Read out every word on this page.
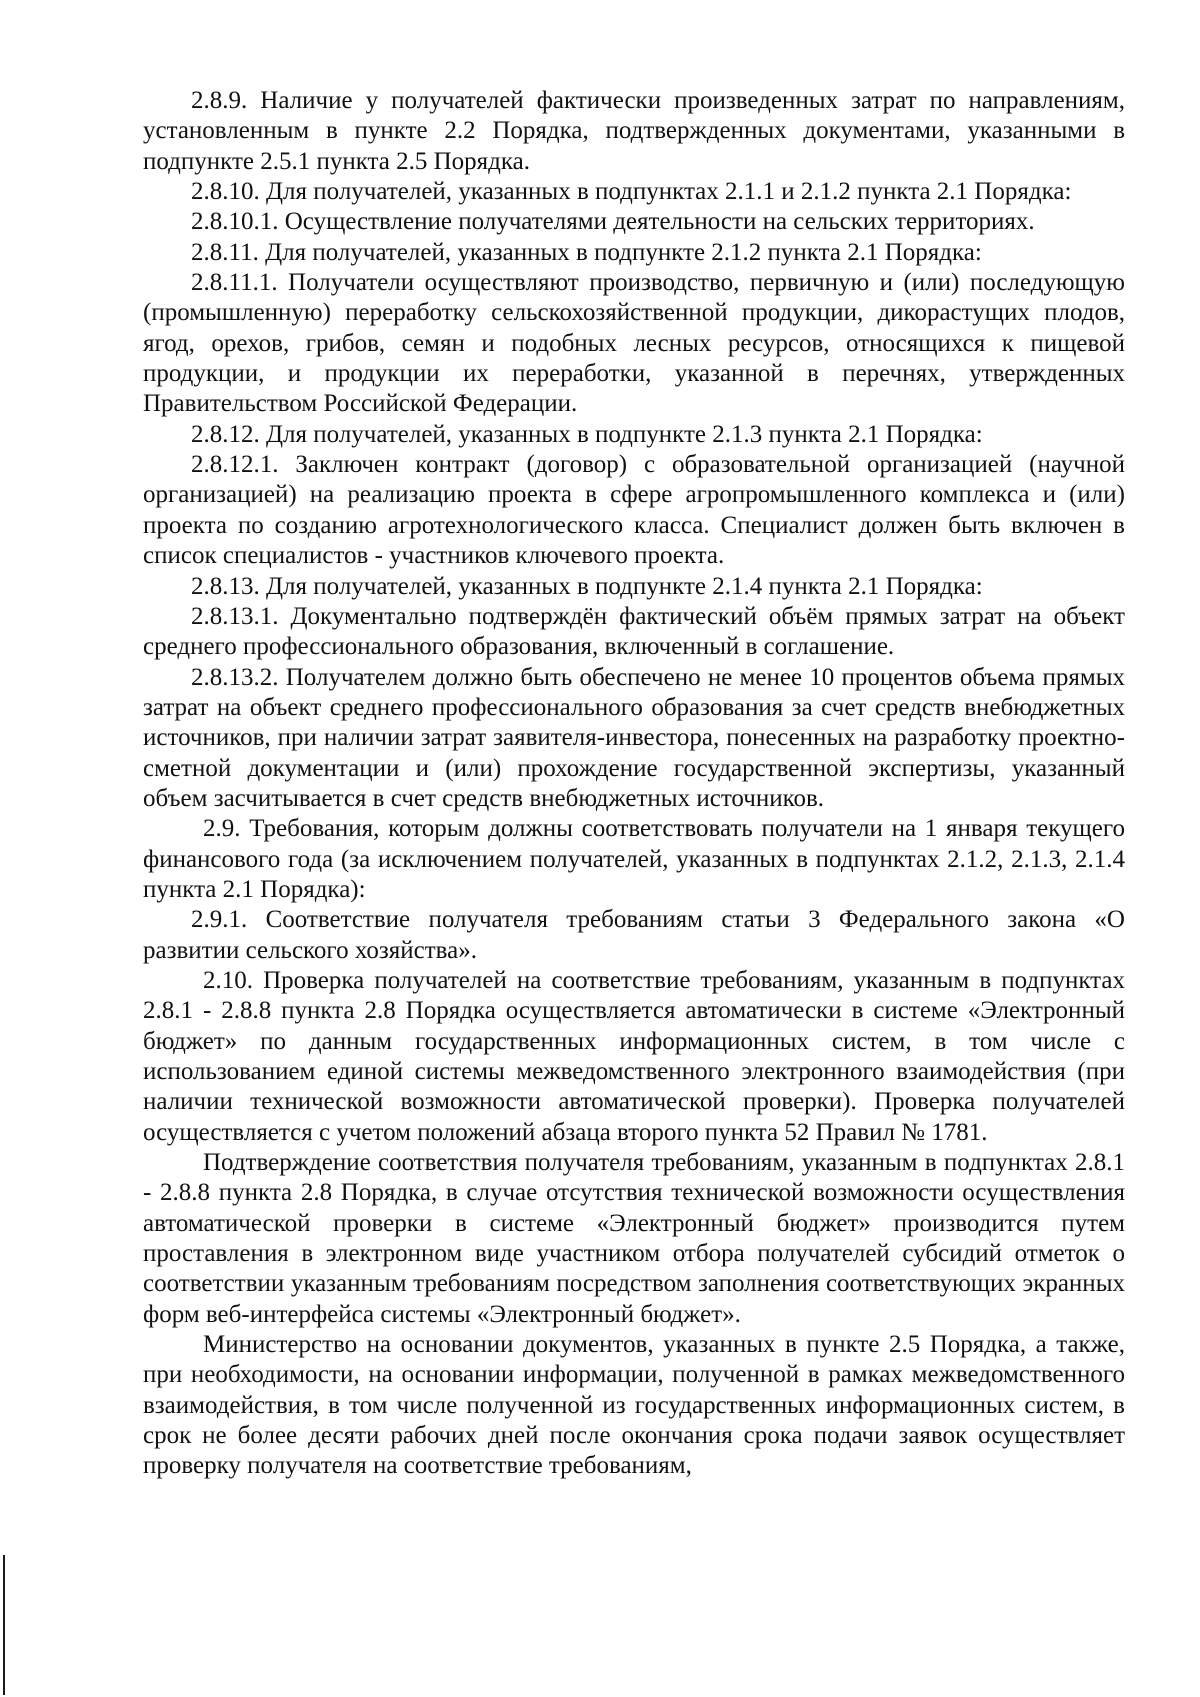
2.8.9. Наличие у получателей фактически произведенных затрат по направлениям, установленным в пункте 2.2 Порядка, подтвержденных документами, указанными в подпункте 2.5.1 пункта 2.5 Порядка.

2.8.10. Для получателей, указанных в подпунктах 2.1.1 и 2.1.2 пункта 2.1 Порядка:

2.8.10.1. Осуществление получателями деятельности на сельских территориях.

2.8.11. Для получателей, указанных в подпункте 2.1.2 пункта 2.1 Порядка:

2.8.11.1. Получатели осуществляют производство, первичную и (или) последующую (промышленную) переработку сельскохозяйственной продукции, дикорастущих плодов, ягод, орехов, грибов, семян и подобных лесных ресурсов, относящихся к пищевой продукции, и продукции их переработки, указанной в перечнях, утвержденных Правительством Российской Федерации.

2.8.12. Для получателей, указанных в подпункте 2.1.3 пункта 2.1 Порядка:

2.8.12.1. Заключен контракт (договор) с образовательной организацией (научной организацией) на реализацию проекта в сфере агропромышленного комплекса и (или) проекта по созданию агротехнологического класса. Специалист должен быть включен в список специалистов - участников ключевого проекта.

2.8.13. Для получателей, указанных в подпункте 2.1.4 пункта 2.1 Порядка:

2.8.13.1. Документально подтверждён фактический объём прямых затрат на объект среднего профессионального образования, включенный в соглашение.

2.8.13.2. Получателем должно быть обеспечено не менее 10 процентов объема прямых затрат на объект среднего профессионального образования за счет средств внебюджетных источников, при наличии затрат заявителя-инвестора, понесенных на разработку проектно-сметной документации и (или) прохождение государственной экспертизы, указанный объем засчитывается в счет средств внебюджетных источников.

2.9. Требования, которым должны соответствовать получатели на 1 января текущего финансового года (за исключением получателей, указанных в подпунктах 2.1.2, 2.1.3, 2.1.4 пункта 2.1 Порядка):

2.9.1. Соответствие получателя требованиям статьи 3 Федерального закона «О развитии сельского хозяйства».

2.10. Проверка получателей на соответствие требованиям, указанным в подпунктах 2.8.1 - 2.8.8 пункта 2.8 Порядка осуществляется автоматически в системе «Электронный бюджет» по данным государственных информационных систем, в том числе с использованием единой системы межведомственного электронного взаимодействия (при наличии технической возможности автоматической проверки). Проверка получателей осуществляется с учетом положений абзаца второго пункта 52 Правил № 1781.

Подтверждение соответствия получателя требованиям, указанным в подпунктах 2.8.1 - 2.8.8 пункта 2.8 Порядка, в случае отсутствия технической возможности осуществления автоматической проверки в системе «Электронный бюджет» производится путем проставления в электронном виде участником отбора получателей субсидий отметок о соответствии указанным требованиям посредством заполнения соответствующих экранных форм веб-интерфейса системы «Электронный бюджет».

Министерство на основании документов, указанных в пункте 2.5 Порядка, а также, при необходимости, на основании информации, полученной в рамках межведомственного взаимодействия, в том числе полученной из государственных информационных систем, в срок не более десяти рабочих дней после окончания срока подачи заявок осуществляет проверку получателя на соответствие требованиям,
